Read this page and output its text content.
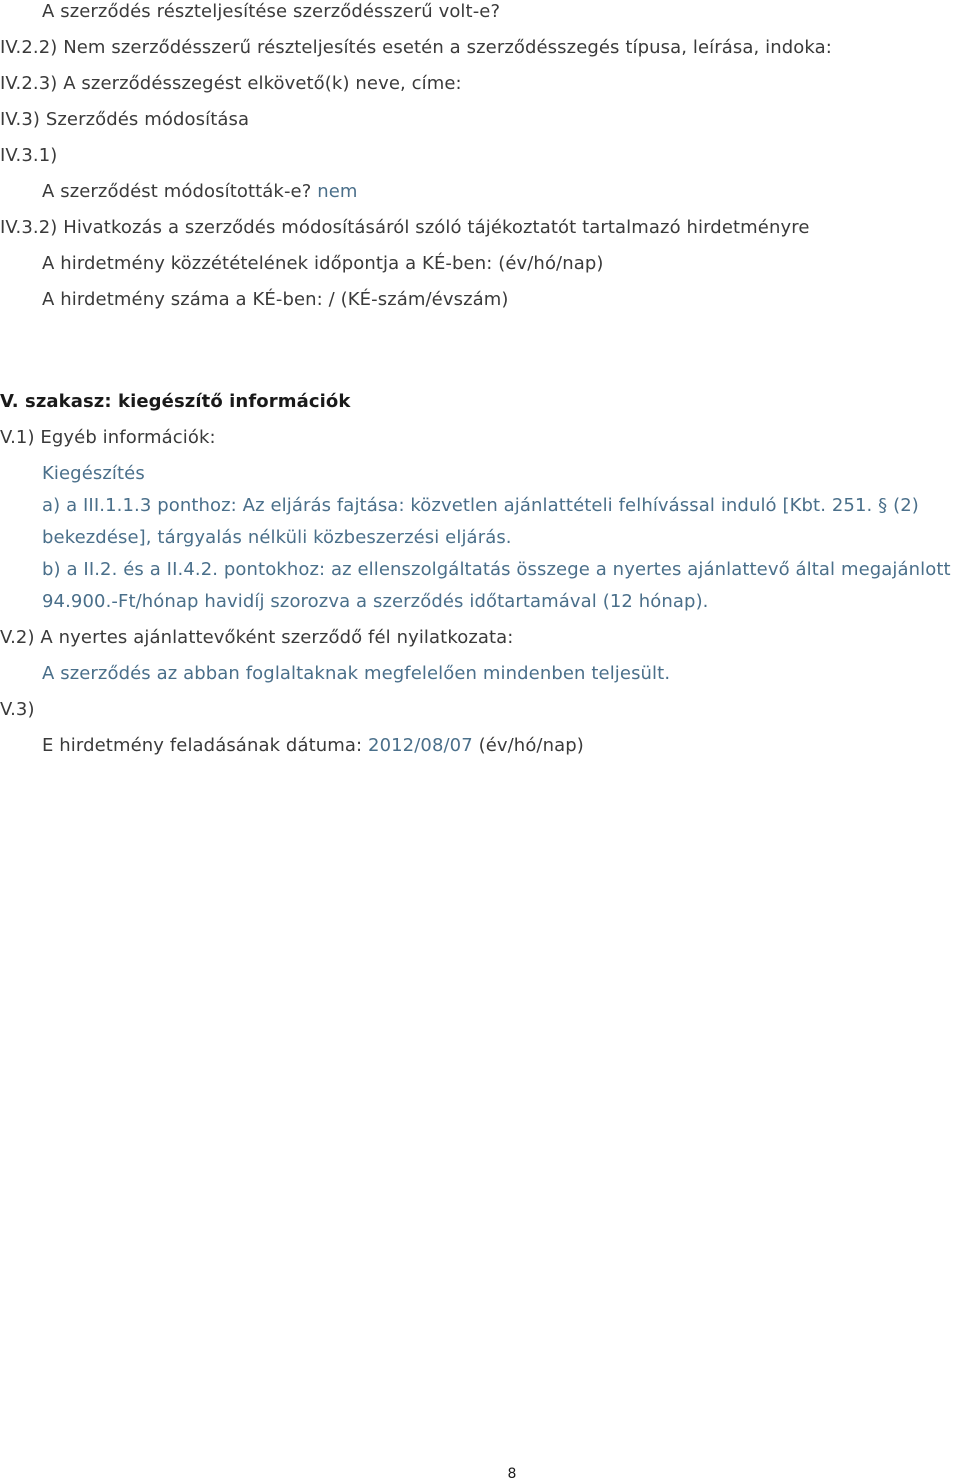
A szerződés részteljesítése szerződésszerű volt-e?
IV.2.2) Nem szerződésszerű részteljesítés esetén a szerződésszegés típusa, leírása, indoka:
IV.2.3) A szerződésszegést elkövető(k) neve, címe:
IV.3) Szerződés módosítása
IV.3.1)
A szerződést módosították-e? nem
IV.3.2) Hivatkozás a szerződés módosításáról szóló tájékoztatót tartalmazó hirdetményre
A hirdetmény közzétételének időpontja a KÉ-ben: (év/hó/nap)
A hirdetmény száma a KÉ-ben: / (KÉ-szám/évszám)
V. szakasz: kiegészítő információk
V.1) Egyéb információk:
Kiegészítés
a) a III.1.1.3 ponthoz: Az eljárás fajtása: közvetlen ajánlattételi felhívással induló [Kbt. 251. § (2)
bekezdése], tárgyalás nélküli közbeszerzési eljárás.
b) a II.2. és a II.4.2. pontokhoz: az ellenszolgáltatás összege a nyertes ajánlattevő által megajánlott
94.900.-Ft/hónap havidíj szorozva a szerződés időtartamával (12 hónap).
V.2) A nyertes ajánlattevőként szerződő fél nyilatkozata:
A szerződés az abban foglaltaknak megfelelően mindenben teljesült.
V.3)
E hirdetmény feladásának dátuma: 2012/08/07 (év/hó/nap)
8
